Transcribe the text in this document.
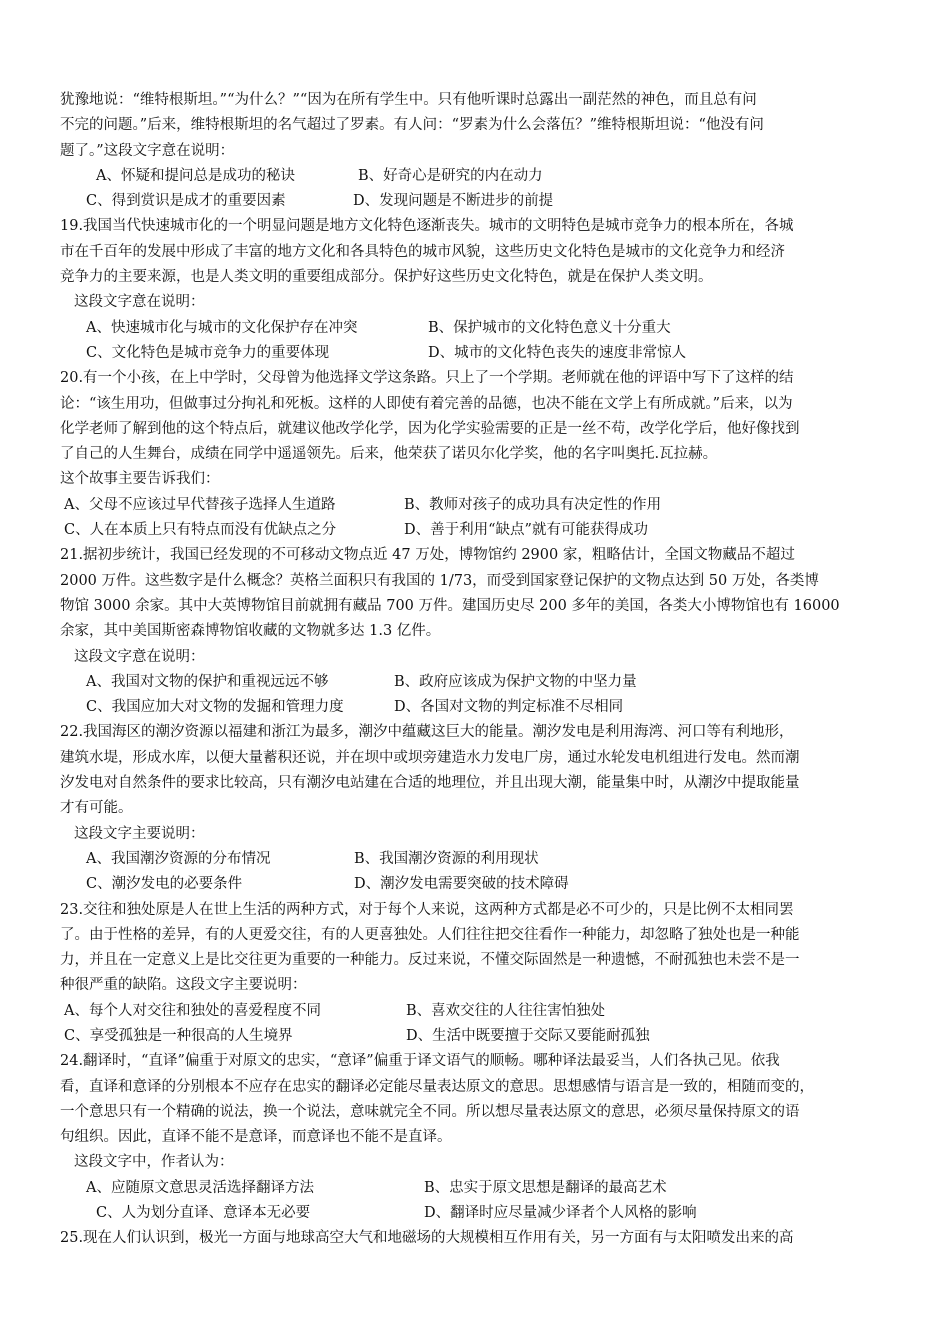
犹豫地说：“维特根斯坦。”“为什么？”“因为在所有学生中。只有他听课时总露出一副茫然的神色，而且总有问

不完的问题。”后来，维特根斯坦的名气超过了罗素。有人问：“罗素为什么会落伍？”维特根斯坦说：“他没有问

题了。”这段文字意在说明：

A、怀疑和提问总是成功的秘诀	B、好奇心是研究的内在动力
C、得到赏识是成才的重要因素	D、发现问题是不断进步的前提

19.我国当代快速城市化的一个明显问题是地方文化特色逐渐丧失。城市的文明特色是城市竞争力的根本所在，各城

市在千百年的发展中形成了丰富的地方文化和各具特色的城市风貌，这些历史文化特色是城市的文化竞争力和经济

竞争力的主要来源，也是人类文明的重要组成部分。保护好这些历史文化特色，就是在保护人类文明。

这段文字意在说明：

A、快速城市化与城市的文化保护存在冲突	B、保护城市的文化特色意义十分重大
C、文化特色是城市竞争力的重要体现	D、城市的文化特色丧失的速度非常惊人

20.有一个小孩，在上中学时，父母曾为他选择文学这条路。只上了一个学期。老师就在他的评语中写下了这样的结

论：“该生用功，但做事过分拘礼和死板。这样的人即使有着完善的品德，也决不能在文学上有所成就。”后来，以为

化学老师了解到他的这个特点后，就建议他改学化学，因为化学实验需要的正是一丝不苟，改学化学后，他好像找到

了自己的人生舞台，成绩在同学中遥遥领先。后来，他荣获了诺贝尔化学奖，他的名字叫奥托.瓦拉赫。

这个故事主要告诉我们：

A、父母不应该过早代替孩子选择人生道路	B、教师对孩子的成功具有决定性的作用
C、人在本质上只有特点而没有优缺点之分	D、善于利用“缺点”就有可能获得成功

21.据初步统计，我国已经发现的不可移动文物点近 47 万处，博物馆约 2900 家，粗略估计，全国文物藏品不超过

2000 万件。这些数字是什么概念？英格兰面积只有我国的 1/73，而受到国家登记保护的文物点达到 50 万处，各类博

物馆 3000 余家。其中大英博物馆目前就拥有藏品 700 万件。建国历史尽 200 多年的美国，各类大小博物馆也有 16000

余家，其中美国斯密森博物馆收藏的文物就多达 1.3 亿件。

这段文字意在说明：

A、我国对文物的保护和重视远远不够	B、政府应该成为保护文物的中坚力量
C、我国应加大对文物的发掘和管理力度	D、各国对文物的判定标准不尽相同

22.我国海区的潮汐资源以福建和浙江为最多，潮汐中蕴藏这巨大的能量。潮汐发电是利用海湾、河口等有利地形，

建筑水堤，形成水库，以便大量蓄积还说，并在坝中或坝旁建造水力发电厂房，通过水轮发电机组进行发电。然而潮

汐发电对自然条件的要求比较高，只有潮汐电站建在合适的地理位，并且出现大潮，能量集中时，从潮汐中提取能量

才有可能。

这段文字主要说明：

A、我国潮汐资源的分布情况	B、我国潮汐资源的利用现状
C、潮汐发电的必要条件	D、潮汐发电需要突破的技术障碍

23.交往和独处原是人在世上生活的两种方式，对于每个人来说，这两种方式都是必不可少的，只是比例不太相同罢

了。由于性格的差异，有的人更爱交往，有的人更喜独处。人们往往把交往看作一种能力，却忽略了独处也是一种能

力，并且在一定意义上是比交往更为重要的一种能力。反过来说，不懂交际固然是一种遗憾，不耐孤独也未尝不是一

种很严重的缺陷。这段文字主要说明：

A、每个人对交往和独处的喜爱程度不同	B、喜欢交往的人往往害怕独处
C、享受孤独是一种很高的人生境界	D、生活中既要擅于交际又要能耐孤独

24.翻译时，“直译”偏重于对原文的忠实，“意译”偏重于译文语气的顺畅。哪种译法最妥当，人们各执己见。依我

看，直译和意译的分别根本不应存在忠实的翻译必定能尽量表达原文的意思。思想感情与语言是一致的，相随而变的，

一个意思只有一个精确的说法，换一个说法，意味就完全不同。所以想尽量表达原文的意思，必须尽量保持原文的语

句组织。因此，直译不能不是意译，而意译也不能不是直译。

这段文字中，作者认为：

A、应随原文意思灵活选择翻译方法	B、忠实于原文思想是翻译的最高艺术
C、人为划分直译、意译本无必要	D、翻译时应尽量减少译者个人风格的影响

25.现在人们认识到，极光一方面与地球高空大气和地磁场的大规模相互作用有关，另一方面有与太阳喷发出来的高
